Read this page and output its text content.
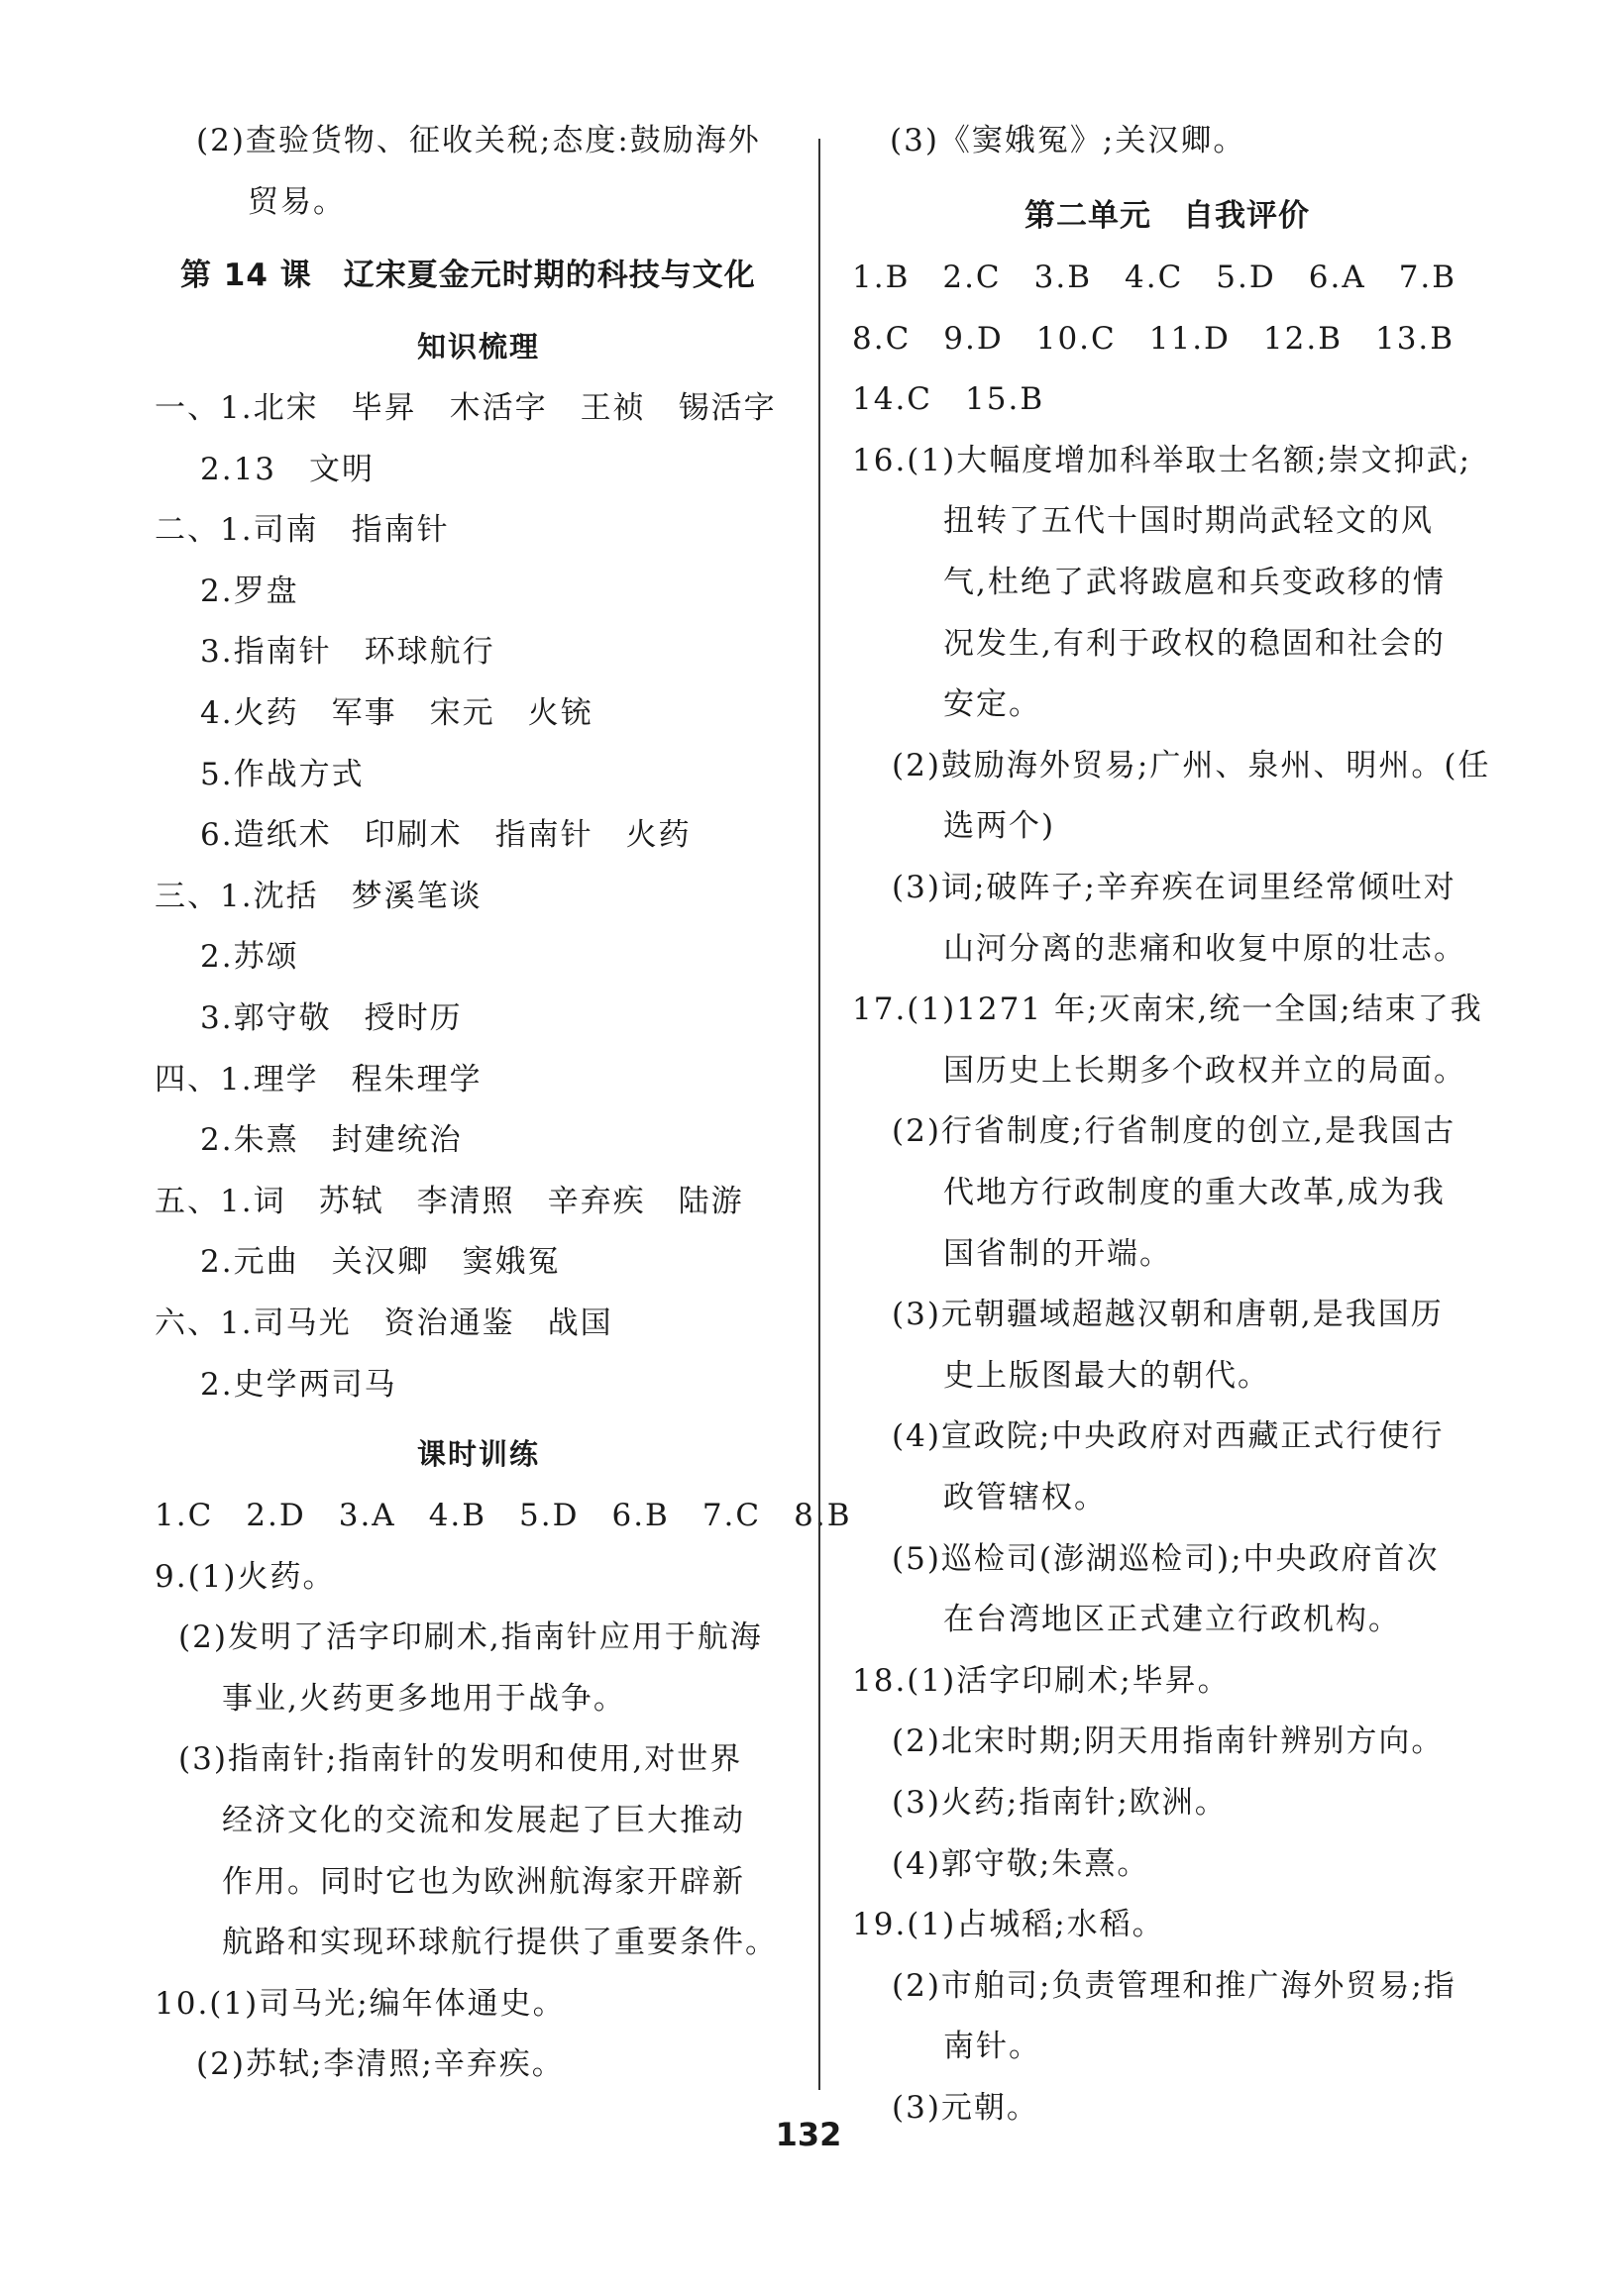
(2)查验货物、征收关税;态度:鼓励海外
贸易。
第 14 课　辽宋夏金元时期的科技与文化
知识梳理
一、1.北宋　毕昇　木活字　王祯　锡活字
2.13　文明
二、1.司南　指南针
2.罗盘
3.指南针　环球航行
4.火药　军事　宋元　火铳
5.作战方式
6.造纸术　印刷术　指南针　火药
三、1.沈括　梦溪笔谈
2.苏颂
3.郭守敬　授时历
四、1.理学　程朱理学
2.朱熹　封建统治
五、1.词　苏轼　李清照　辛弃疾　陆游
2.元曲　关汉卿　窦娥冤
六、1.司马光　资治通鉴　战国
2.史学两司马
课时训练
1.C　2.D　3.A　4.B　5.D　6.B　7.C　8.B
9.(1)火药。
(2)发明了活字印刷术,指南针应用于航海
事业,火药更多地用于战争。
(3)指南针;指南针的发明和使用,对世界
经济文化的交流和发展起了巨大推动
作用。同时它也为欧洲航海家开辟新
航路和实现环球航行提供了重要条件。
10.(1)司马光;编年体通史。
(2)苏轼;李清照;辛弃疾。
(3)《窦娥冤》;关汉卿。
第二单元　自我评价
1.B　2.C　3.B　4.C　5.D　6.A　7.B
8.C　9.D　10.C　11.D　12.B　13.B
14.C　15.B
16.(1)大幅度增加科举取士名额;崇文抑武;
扭转了五代十国时期尚武轻文的风
气,杜绝了武将跋扈和兵变政移的情
况发生,有利于政权的稳固和社会的
安定。
(2)鼓励海外贸易;广州、泉州、明州。(任
选两个)
(3)词;破阵子;辛弃疾在词里经常倾吐对
山河分离的悲痛和收复中原的壮志。
17.(1)1271 年;灭南宋,统一全国;结束了我
国历史上长期多个政权并立的局面。
(2)行省制度;行省制度的创立,是我国古
代地方行政制度的重大改革,成为我
国省制的开端。
(3)元朝疆域超越汉朝和唐朝,是我国历
史上版图最大的朝代。
(4)宣政院;中央政府对西藏正式行使行
政管辖权。
(5)巡检司(澎湖巡检司);中央政府首次
在台湾地区正式建立行政机构。
18.(1)活字印刷术;毕昇。
(2)北宋时期;阴天用指南针辨别方向。
(3)火药;指南针;欧洲。
(4)郭守敬;朱熹。
19.(1)占城稻;水稻。
(2)市舶司;负责管理和推广海外贸易;指
南针。
(3)元朝。
132
